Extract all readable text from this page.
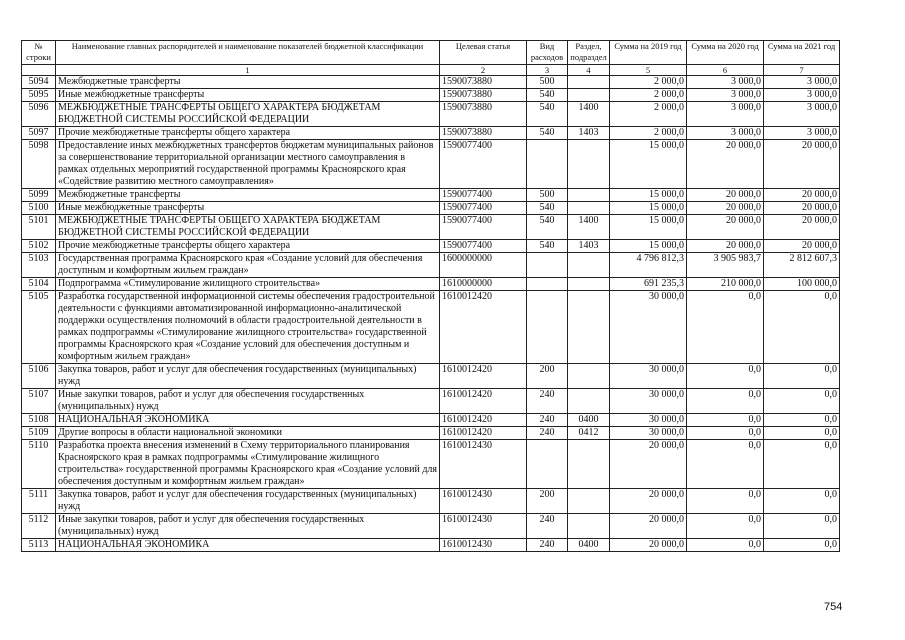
№ строки	Наименование главных распорядителей и наименование показателей бюджетной классификации	Целевая статья	Вид расходов	Раздел, подраздел	Сумма на 2019 год	Сумма на 2020 год	Сумма на 2021 год
	1	2	3	4	5	6	7
5094	Межбюджетные трансферты	1590073880	500		2 000,0	3 000,0	3 000,0
5095	Иные межбюджетные трансферты	1590073880	540		2 000,0	3 000,0	3 000,0
5096	МЕЖБЮДЖЕТНЫЕ ТРАНСФЕРТЫ ОБЩЕГО ХАРАКТЕРА БЮДЖЕТАМ БЮДЖЕТНОЙ СИСТЕМЫ РОССИЙСКОЙ ФЕДЕРАЦИИ	1590073880	540	1400	2 000,0	3 000,0	3 000,0
5097	Прочие межбюджетные трансферты общего характера	1590073880	540	1403	2 000,0	3 000,0	3 000,0
5098	Предоставление иных межбюджетных трансфертов бюджетам муниципальных районов за совершенствование территориальной организации местного самоуправления в рамках отдельных мероприятий государственной программы Красноярского края «Содействие развитию местного самоуправления»	1590077400			15 000,0	20 000,0	20 000,0
5099	Межбюджетные трансферты	1590077400	500		15 000,0	20 000,0	20 000,0
5100	Иные межбюджетные трансферты	1590077400	540		15 000,0	20 000,0	20 000,0
5101	МЕЖБЮДЖЕТНЫЕ ТРАНСФЕРТЫ ОБЩЕГО ХАРАКТЕРА БЮДЖЕТАМ БЮДЖЕТНОЙ СИСТЕМЫ РОССИЙСКОЙ ФЕДЕРАЦИИ	1590077400	540	1400	15 000,0	20 000,0	20 000,0
5102	Прочие межбюджетные трансферты общего характера	1590077400	540	1403	15 000,0	20 000,0	20 000,0
5103	Государственная программа Красноярского края «Создание условий для обеспечения доступным и комфортным жильем граждан»	1600000000			4 796 812,3	3 905 983,7	2 812 607,3
5104	Подпрограмма «Стимулирование жилищного строительства»	1610000000			691 235,3	210 000,0	100 000,0
5105	Разработка государственной информационной системы обеспечения градостроительной деятельности с функциями автоматизированной информационно-аналитической поддержки осуществления полномочий в области градостроительной деятельности в рамках подпрограммы «Стимулирование жилищного строительства» государственной программы Красноярского края «Создание условий для обеспечения доступным и комфортным жильем граждан»	1610012420			30 000,0	0,0	0,0
5106	Закупка товаров, работ и услуг для обеспечения государственных (муниципальных) нужд	1610012420	200		30 000,0	0,0	0,0
5107	Иные закупки товаров, работ и услуг для обеспечения государственных (муниципальных) нужд	1610012420	240		30 000,0	0,0	0,0
5108	НАЦИОНАЛЬНАЯ ЭКОНОМИКА	1610012420	240	0400	30 000,0	0,0	0,0
5109	Другие вопросы в области национальной экономики	1610012420	240	0412	30 000,0	0,0	0,0
5110	Разработка проекта внесения изменений в Схему территориального планирования Красноярского края в рамках подпрограммы «Стимулирование жилищного строительства» государственной программы Красноярского края «Создание условий для обеспечения доступным и комфортным жильем граждан»	1610012430			20 000,0	0,0	0,0
5111	Закупка товаров, работ и услуг для обеспечения государственных (муниципальных) нужд	1610012430	200		20 000,0	0,0	0,0
5112	Иные закупки товаров, работ и услуг для обеспечения государственных (муниципальных) нужд	1610012430	240		20 000,0	0,0	0,0
5113	НАЦИОНАЛЬНАЯ ЭКОНОМИКА	1610012430	240	0400	20 000,0	0,0	0,0
754
